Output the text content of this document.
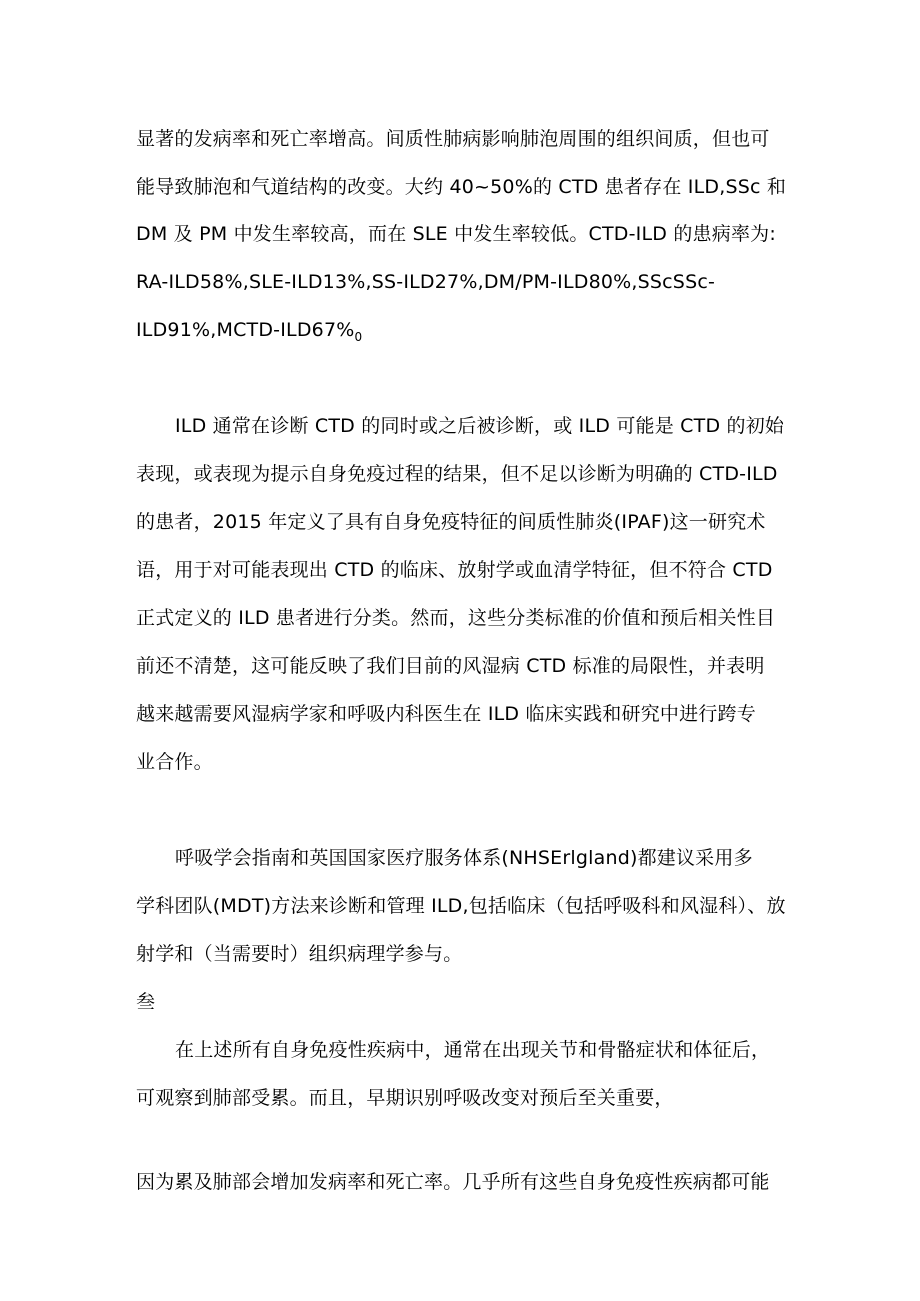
显著的发病率和死亡率增高。间质性肺病影响肺泡周围的组织间质，但也可
能导致肺泡和气道结构的改变。大约 40~50%的 CTD 患者存在 ILD,SSc 和
DM 及 PM 中发生率较高，而在 SLE 中发生率较低。CTD-ILD 的患病率为:
RA-ILD58%,SLE-ILD13%,SS-ILD27%,DM/PM-ILD80%,SScSSc-
$ILD91\%,MCTD-ILD67\%_0$
ILD 通常在诊断 CTD 的同时或之后被诊断，或 ILD 可能是 CTD 的初始
表现，或表现为提示自身免疫过程的结果，但不足以诊断为明确的 CTD-ILD
的患者，2015 年定义了具有自身免疫特征的间质性肺炎(IPAF)这一研究术
语，用于对可能表现出 CTD 的临床、放射学或血清学特征，但不符合 CTD
正式定义的 ILD 患者进行分类。然而，这些分类标准的价值和预后相关性目
前还不清楚，这可能反映了我们目前的风湿病 CTD 标准的局限性，并表明
越来越需要风湿病学家和呼吸内科医生在 ILD 临床实践和研究中进行跨专
业合作。
呼吸学会指南和英国国家医疗服务体系(NHSErlgland)都建议采用多
学科团队(MDT)方法来诊断和管理 ILD,包括临床（包括呼吸科和风湿科）、放
射学和（当需要时）组织病理学参与。
叁
在上述所有自身免疫性疾病中，通常在出现关节和骨骼症状和体征后，
可观察到肺部受累。而且，早期识别呼吸改变对预后至关重要，
因为累及肺部会增加发病率和死亡率。几乎所有这些自身免疫性疾病都可能
